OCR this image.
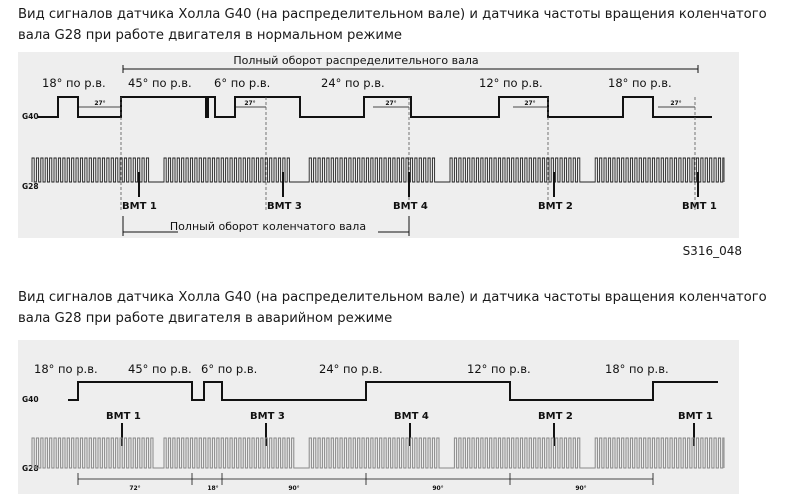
Вид сигналов датчика Холла G40 (на распределительном вале) и датчика частоты вращения коленчатого вала G28 при работе двигателя в нормальном режиме
Полный оборот распределительного вала
18° по р.в. 45° по р.в. 6° по р.в.	24° по р.в.	12° по р.в.	18° по р.в.
G40
27°	27°	27°	27°	27°
G28
ВМТ 1	ВМТ 3	ВМТ 4	ВМТ 2	ВМТ 1
Полный оборот коленчатого вала
S316_048
Вид сигналов датчика Холла G40 (на распределительном вале) и датчика частоты вращения коленчатого вала G28 при работе двигателя в аварийном режиме
18° по р.в.	45° по р.в. 6° по р.в.	24° по р.в.	12° по р.в.	18° по р.в.
G40
ВМТ 1	ВМТ 3	ВМТ 4	ВМТ 2	ВМТ 1
G28
72°	18°	90°	90°	90°
